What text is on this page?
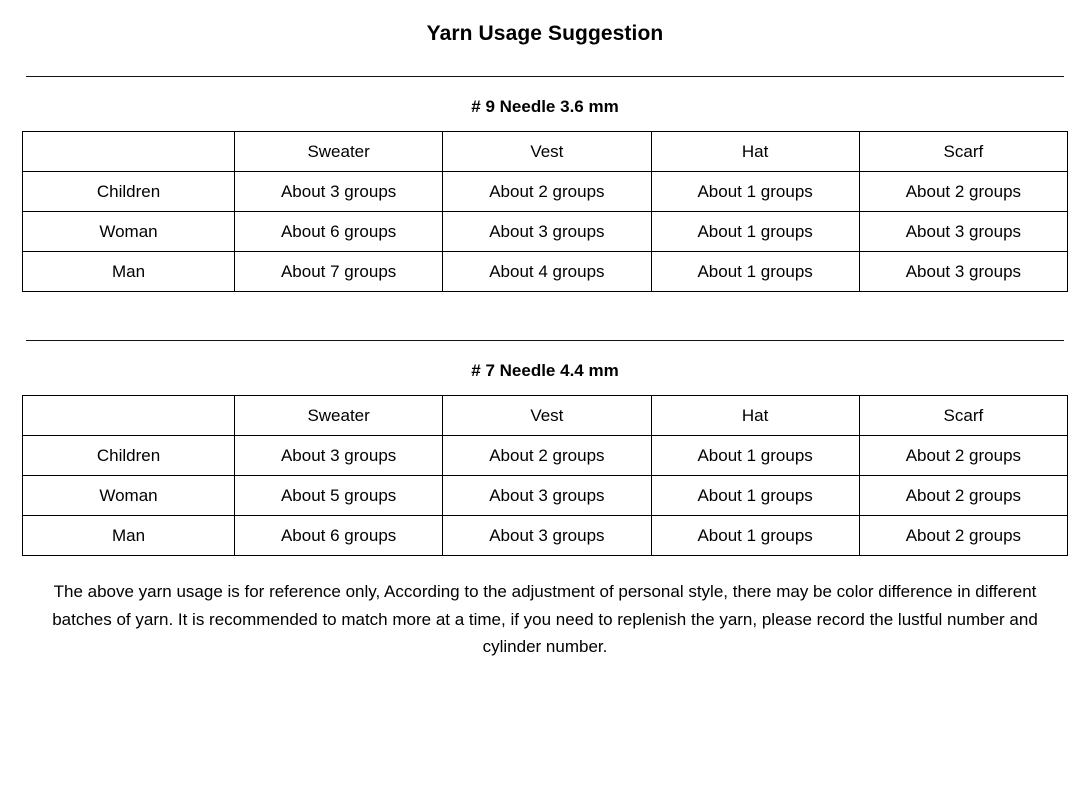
Yarn Usage Suggestion
# 9 Needle 3.6 mm
	Sweater	Vest	Hat	Scarf
Children	About 3 groups	About 2 groups	About 1 groups	About 2 groups
Woman	About 6 groups	About 3 groups	About 1 groups	About 3 groups
Man	About 7 groups	About 4 groups	About 1 groups	About 3 groups
# 7 Needle 4.4 mm
	Sweater	Vest	Hat	Scarf
Children	About 3 groups	About 2 groups	About 1 groups	About 2 groups
Woman	About 5 groups	About 3 groups	About 1 groups	About 2 groups
Man	About 6 groups	About 3 groups	About 1 groups	About 2 groups

The above yarn usage is for reference only, According to the adjustment of personal style, there may be color difference in different batches of yarn. It is recommended to match more at a time, if you need to replenish the yarn, please record the lustful number and cylinder number.
